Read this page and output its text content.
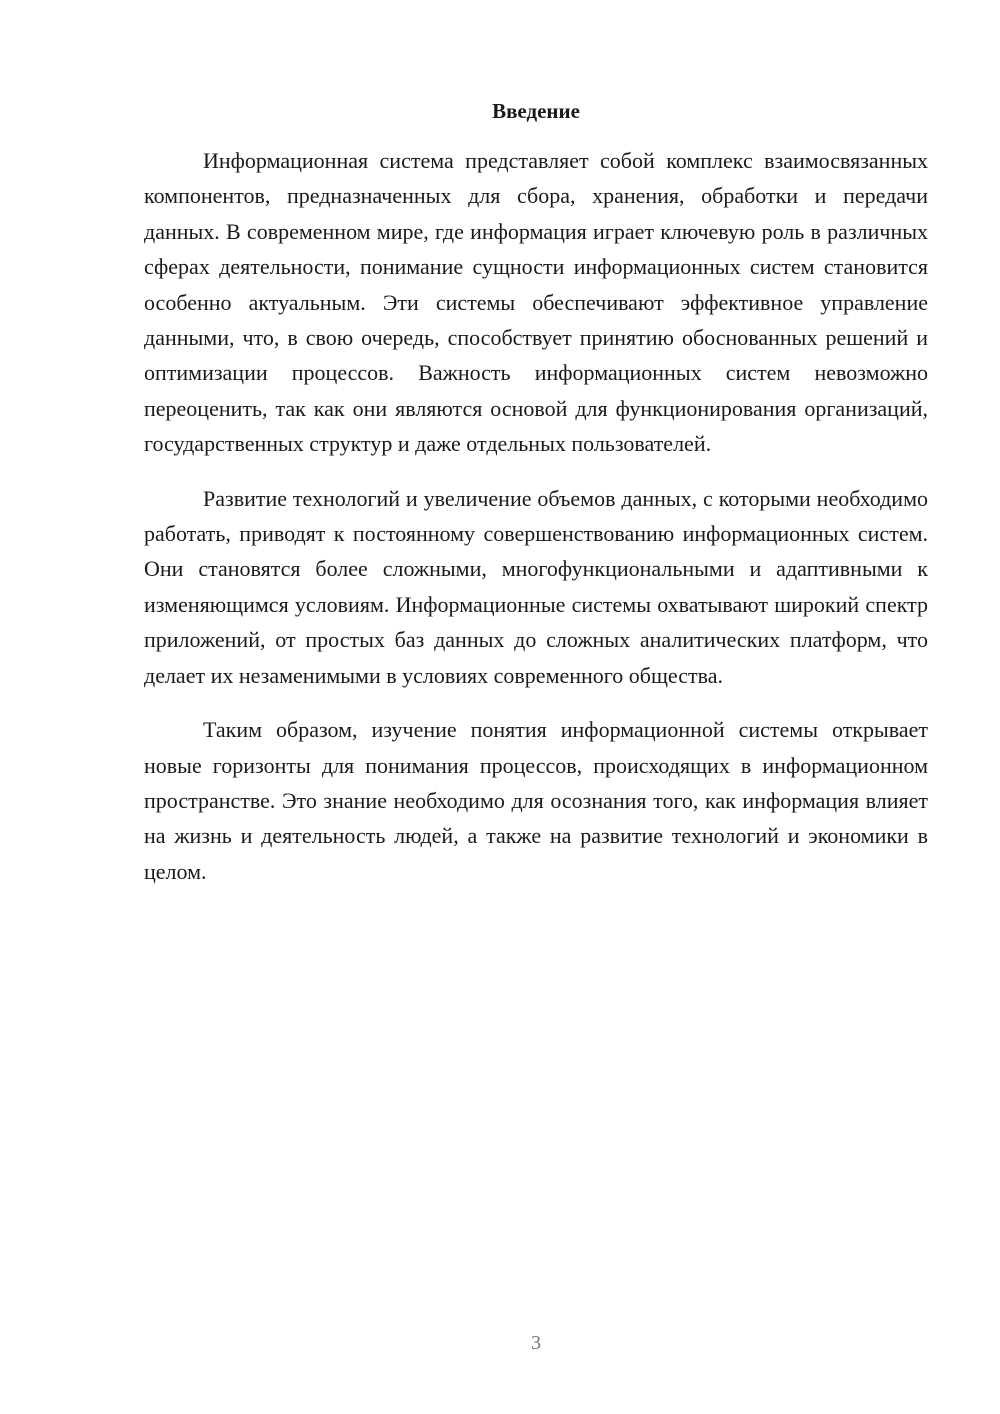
Введение

Информационная система представляет собой комплекс взаимосвязанных компонентов, предназначенных для сбора, хранения, обработки и передачи данных. В современном мире, где информация играет ключевую роль в различных сферах деятельности, понимание сущности информационных систем становится особенно актуальным. Эти системы обеспечивают эффективное управление данными, что, в свою очередь, способствует принятию обоснованных решений и оптимизации процессов. Важность информационных систем невозможно переоценить, так как они являются основой для функционирования организаций, государственных структур и даже отдельных пользователей.

Развитие технологий и увеличение объемов данных, с которыми необходимо работать, приводят к постоянному совершенствованию информационных систем. Они становятся более сложными, многофункциональными и адаптивными к изменяющимся условиям. Информационные системы охватывают широкий спектр приложений, от простых баз данных до сложных аналитических платформ, что делает их незаменимыми в условиях современного общества.

Таким образом, изучение понятия информационной системы открывает новые горизонты для понимания процессов, происходящих в информационном пространстве. Это знание необходимо для осознания того, как информация влияет на жизнь и деятельность людей, а также на развитие технологий и экономики в целом.

3
